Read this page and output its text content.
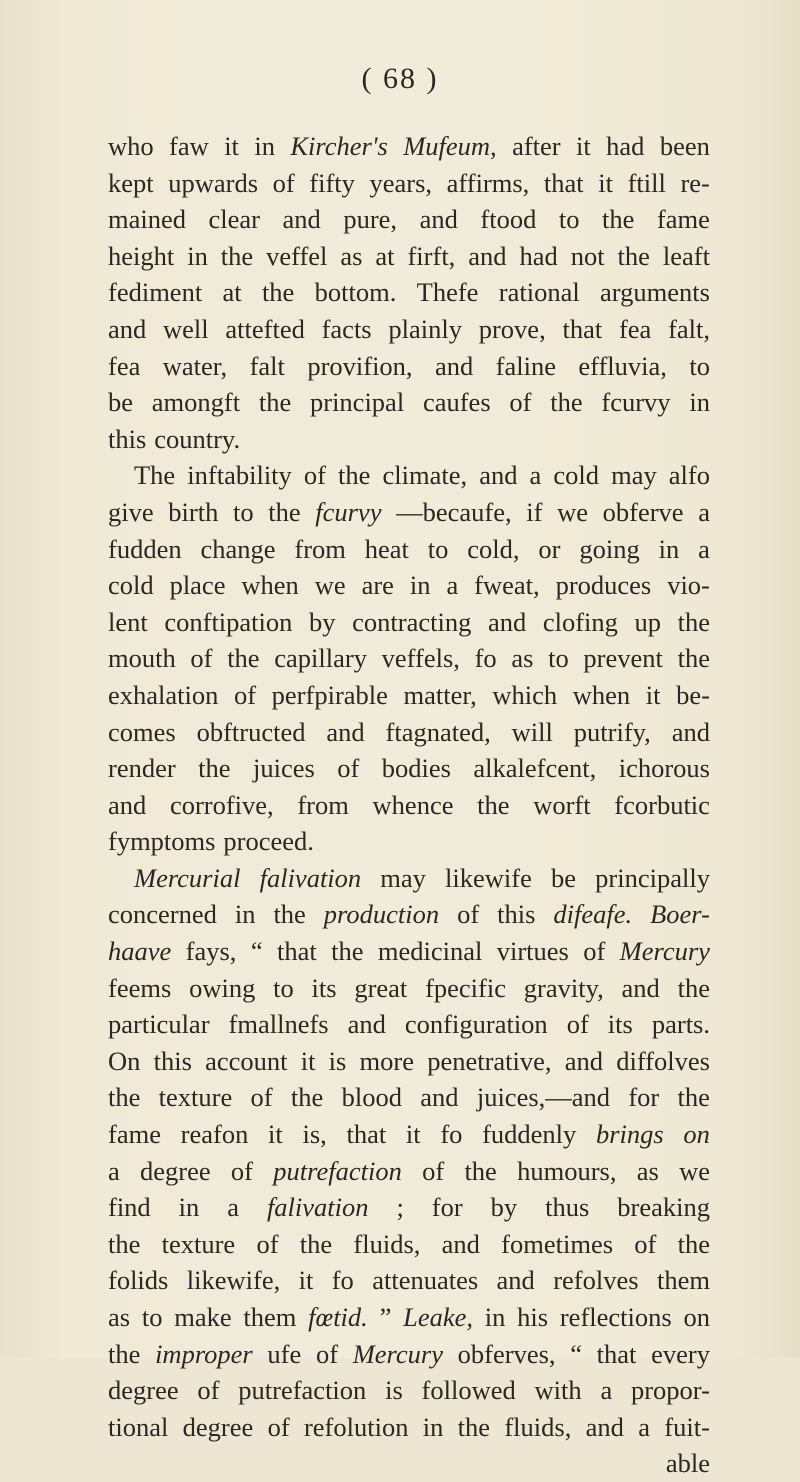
( 68 )
who faw it in Kircher's Mufeum, after it had been
kept upwards of fifty years, affirms, that it ftill re-
mained clear and pure, and ftood to the fame
height in the veffel as at firft, and had not the leaft
fediment at the bottom. Thefe rational arguments
and well attefted facts plainly prove, that fea falt,
fea water, falt provifion, and faline effluvia, to
be amongft the principal caufes of the fcurvy in
this country.
The inftability of the climate, and a cold may alfo
give birth to the fcurvy —becaufe, if we obferve a
fudden change from heat to cold, or going in a
cold place when we are in a fweat, produces vio-
lent conftipation by contracting and clofing up the
mouth of the capillary veffels, fo as to prevent the
exhalation of perfpirable matter, which when it be-
comes obftructed and ftagnated, will putrify, and
render the juices of bodies alkalefcent, ichorous
and corrofive, from whence the worft fcorbutic
fymptoms proceed.
Mercurial falivation may likewife be principally
concerned in the production of this difeafe. Boer-
haave fays, “ that the medicinal virtues of Mercury
feems owing to its great fpecific gravity, and the
particular fmallnefs and configuration of its parts.
On this account it is more penetrative, and diffolves
the texture of the blood and juices,—and for the
fame reafon it is, that it fo fuddenly brings on
a degree of putrefaction of the humours, as we
find in a falivation ; for by thus breaking
the texture of the fluids, and fometimes of the
folids likewife, it fo attenuates and refolves them
as to make them fœtid. ” Leake, in his reflections on
the improper ufe of Mercury obferves, “ that every
degree of putrefaction is followed with a propor-
tional degree of refolution in the fluids, and a fuit-
able
